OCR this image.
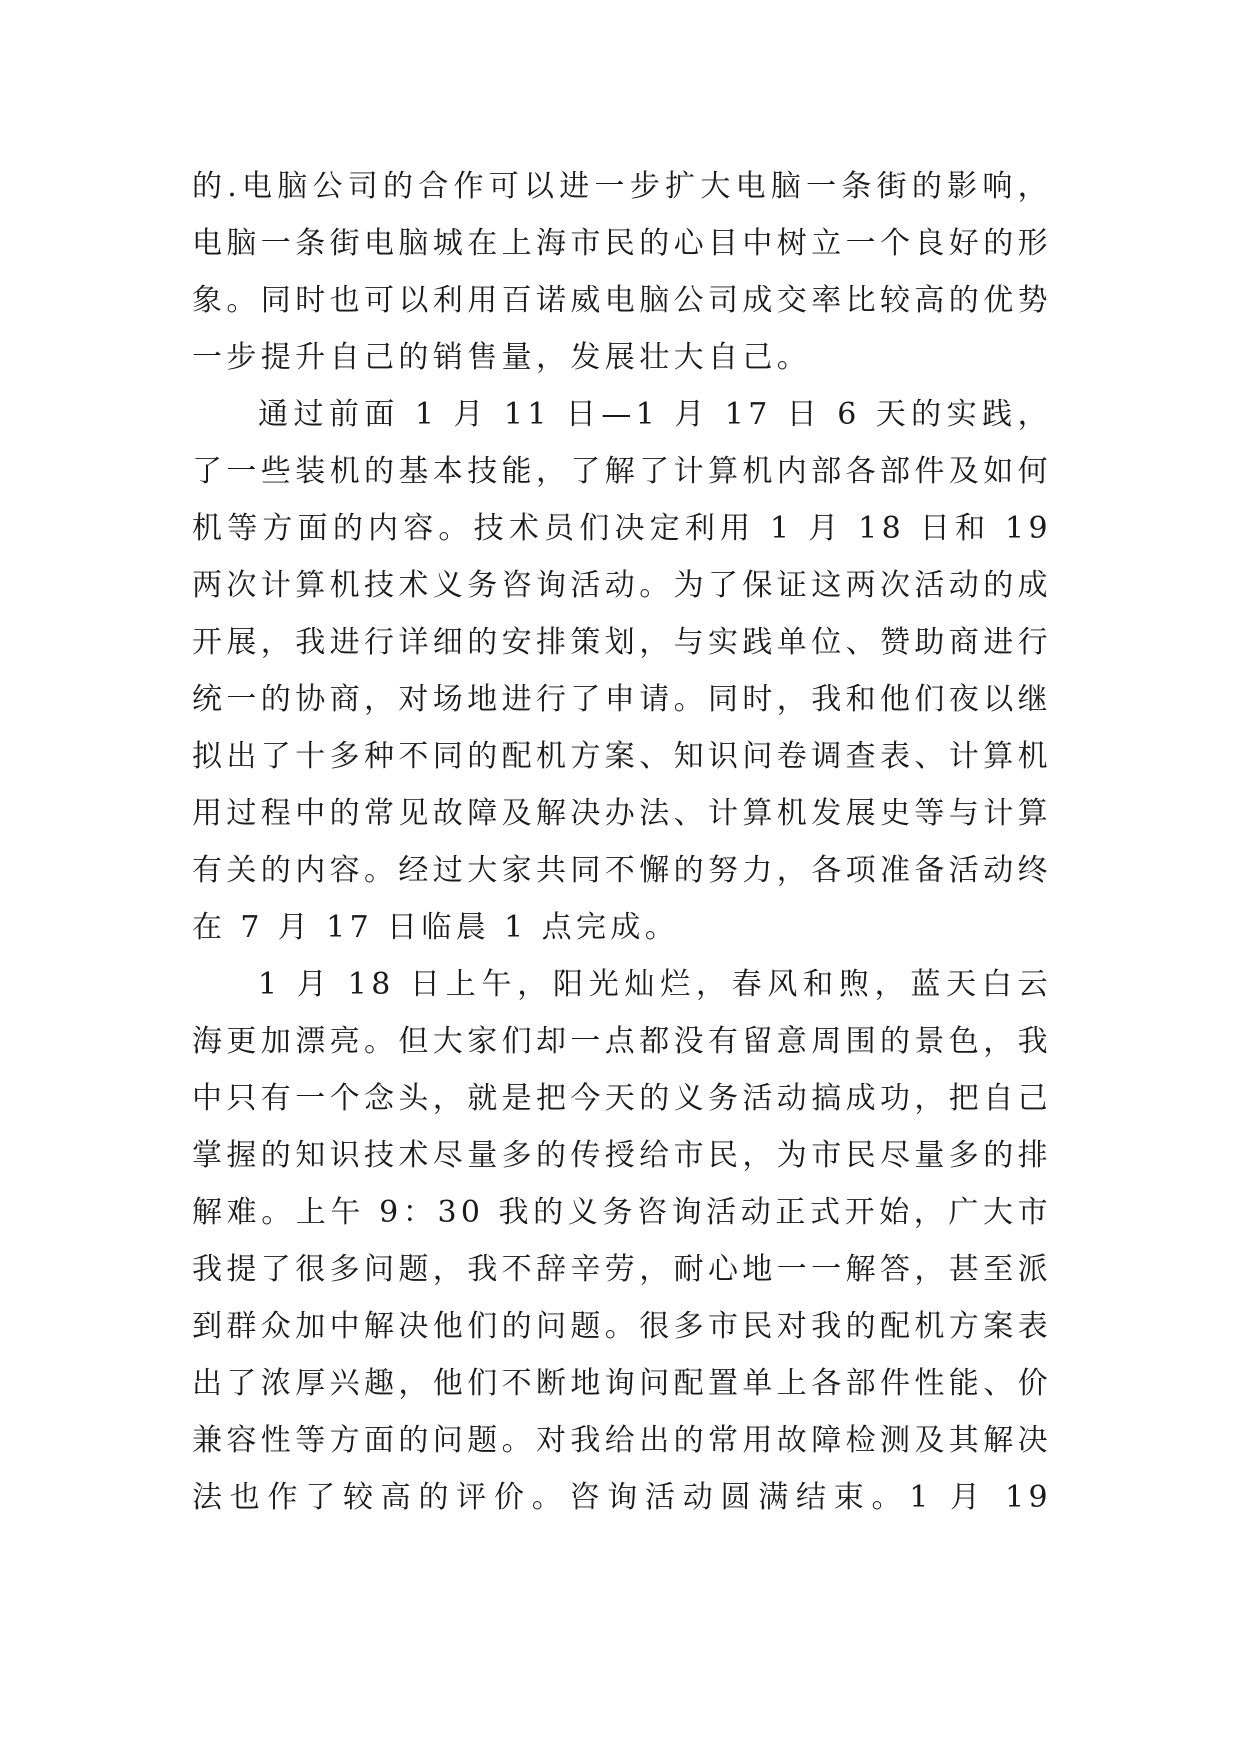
的.电脑公司的合作可以进一步扩大电脑一条街的影响，
电脑一条街电脑城在上海市民的心目中树立一个良好的形
象。同时也可以利用百诺威电脑公司成交率比较高的优势
一步提升自己的销售量，发展壮大自己。
通过前面 1 月 11 日—1 月 17 日 6 天的实践，
了一些装机的基本技能，了解了计算机内部各部件及如何
机等方面的内容。技术员们决定利用 1 月 18 日和 19
两次计算机技术义务咨询活动。为了保证这两次活动的成
开展，我进行详细的安排策划，与实践单位、赞助商进行
统一的协商，对场地进行了申请。同时，我和他们夜以继
拟出了十多种不同的配机方案、知识问卷调查表、计算机
用过程中的常见故障及解决办法、计算机发展史等与计算
有关的内容。经过大家共同不懈的努力，各项准备活动终
在 7 月 17 日临晨 1 点完成。
1 月 18 日上午，阳光灿烂，春风和煦，蓝天白云
海更加漂亮。但大家们却一点都没有留意周围的景色，我
中只有一个念头，就是把今天的义务活动搞成功，把自己
掌握的知识技术尽量多的传授给市民，为市民尽量多的排
解难。上午 9：30 我的义务咨询活动正式开始，广大市
我提了很多问题，我不辞辛劳，耐心地一一解答，甚至派
到群众加中解决他们的问题。很多市民对我的配机方案表
出了浓厚兴趣，他们不断地询问配置单上各部件性能、价
兼容性等方面的问题。对我给出的常用故障检测及其解决
法也作了较高的评价。咨询活动圆满结束。1 月 19
